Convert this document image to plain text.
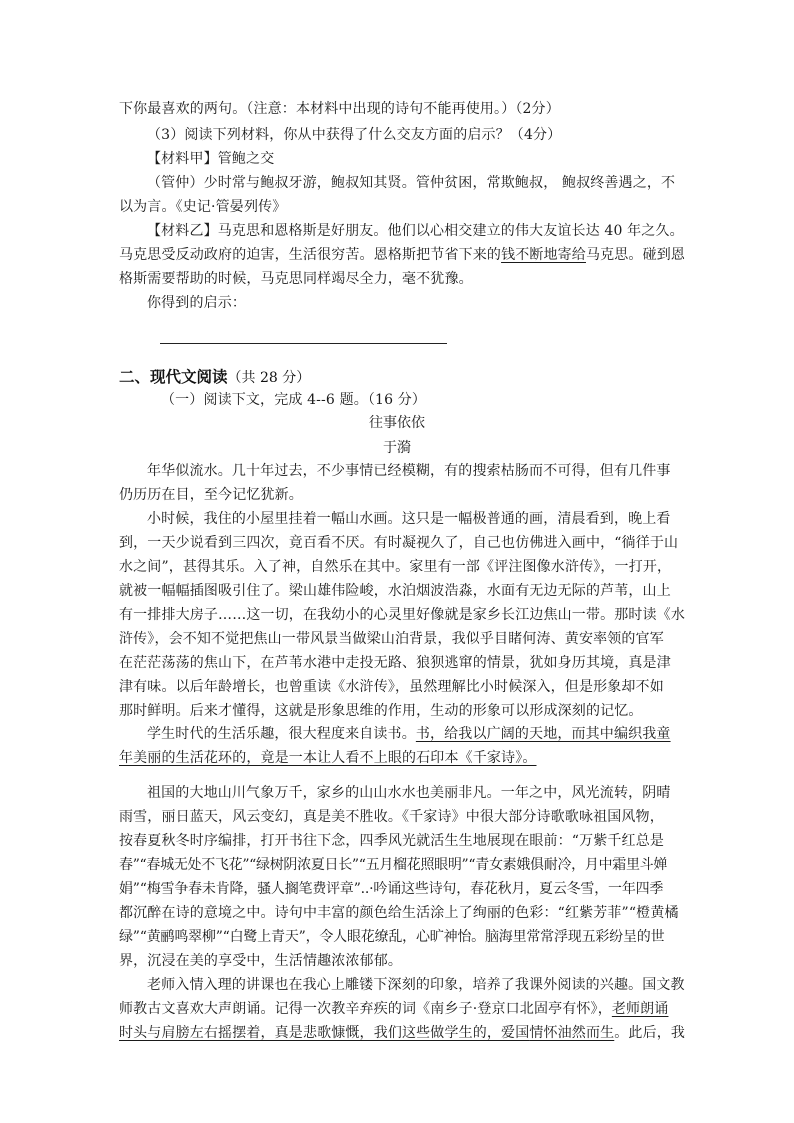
下你最喜欢的两句。（注意：本材料中出现的诗句不能再使用。）（2分）
（3）阅读下列材料，你从中获得了什么交友方面的启示？（4分）
【材料甲】管鲍之交
（管仲）少时常与鲍叔牙游，鲍叔知其贤。管仲贫困，常欺鲍叔， 鲍叔终善遇之，不
以为言。《史记·管晏列传》
【材料乙】马克思和恩格斯是好朋友。他们以心相交建立的伟大友谊长达 40 年之久。
马克思受反动政府的迫害，生活很穷苦。恩格斯把节省下来的钱不断地寄给马克思。碰到恩
格斯需要帮助的时候，马克思同样竭尽全力，毫不犹豫。
你得到的启示：
二、现代文阅读（共 28 分）
（一）阅读下文，完成 4--6 题。（16 分）
往事依依
于漪
年华似流水。几十年过去，不少事情已经模糊，有的搜索枯肠而不可得，但有几件事
仍历历在目，至今记忆犹新。
小时候，我住的小屋里挂着一幅山水画。这只是一幅极普通的画，清晨看到，晚上看
到，一天少说看到三四次，竟百看不厌。有时凝视久了，自己也仿佛进入画中，“徜徉于山
水之间”，甚得其乐。入了神，自然乐在其中。家里有一部《评注图像水浒传》，一打开，
就被一幅幅插图吸引住了。梁山雄伟险峻，水泊烟波浩淼，水面有无边无际的芦苇，山上
有一排排大房子……这一切，在我幼小的心灵里好像就是家乡长江边焦山一带。那时读《水
浒传》，会不知不觉把焦山一带风景当做梁山泊背景，我似乎目睹何涛、黄安率领的官军
在茫茫荡荡的焦山下，在芦苇水港中走投无路、狼狈逃窜的情景，犹如身历其境，真是津
津有味。以后年龄增长，也曾重读《水浒传》，虽然理解比小时候深入，但是形象却不如
那时鲜明。后来才懂得，这就是形象思维的作用，生动的形象可以形成深刻的记忆。
学生时代的生活乐趣，很大程度来自读书。书，给我以广阔的天地，而其中编织我童
年美丽的生活花环的，竟是一本让人看不上眼的石印本《千家诗》。
祖国的大地山川气象万千，家乡的山山水水也美丽非凡。一年之中，风光流转，阴晴
雨雪，丽日蓝天，风云变幻，真是美不胜收。《千家诗》中很大部分诗歌歌咏祖国风物，
按春夏秋冬时序编排，打开书往下念，四季风光就活生生地展现在眼前：“万紫千红总是
春”“春城无处不飞花”“绿树阴浓夏日长”“五月榴花照眼明”“青女素娥俱耐冷，月中霜里斗婵
娟”“梅雪争春未肯降，骚人搁笔费评章”..·吟诵这些诗句，春花秋月，夏云冬雪，一年四季
都沉醉在诗的意境之中。诗句中丰富的颜色给生活涂上了绚丽的色彩：“红紫芳菲”“橙黄橘
绿”“黄鹂鸣翠柳”“白鹭上青天”，令人眼花缭乱，心旷神怡。脑海里常常浮现五彩纷呈的世
界，沉浸在美的享受中，生活情趣浓浓郁郁。
老师入情入理的讲课也在我心上雕镂下深刻的印象，培养了我课外阅读的兴趣。国文教
师教古文喜欢大声朗诵。记得一次教辛弃疾的词《南乡子·登京口北固亭有怀》，老师朗诵
时头与肩膀左右摇摆着，真是悲歌慷慨，我们这些做学生的，爱国情怀油然而生。此后，我
